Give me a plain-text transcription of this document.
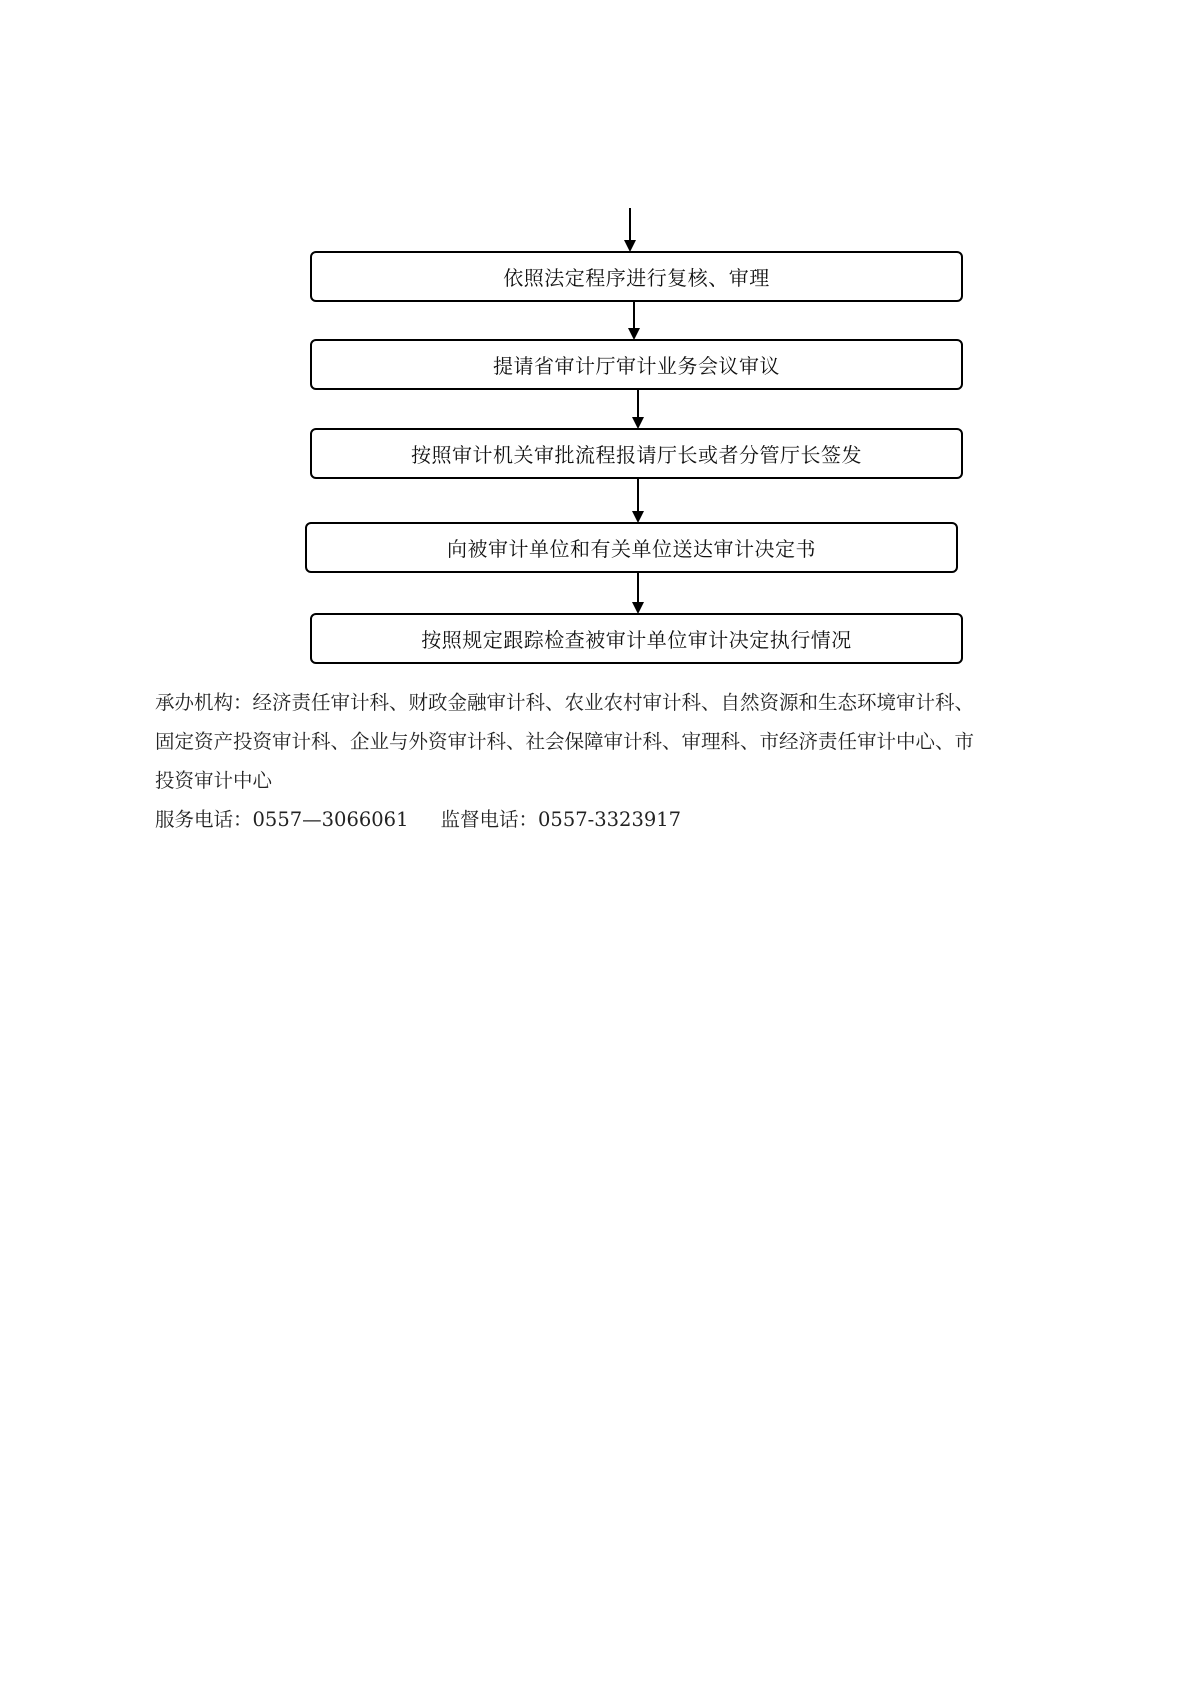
依照法定程序进行复核、审理
提请省审计厅审计业务会议审议
按照审计机关审批流程报请厅长或者分管厅长签发
向被审计单位和有关单位送达审计决定书
按照规定跟踪检查被审计单位审计决定执行情况

承办机构：经济责任审计科、财政金融审计科、农业农村审计科、自然资源和生态环境审计科、

固定资产投资审计科、企业与外资审计科、社会保障审计科、审理科、市经济责任审计中心、市

投资审计中心

服务电话：0557—3066061 监督电话：0557-3323917
